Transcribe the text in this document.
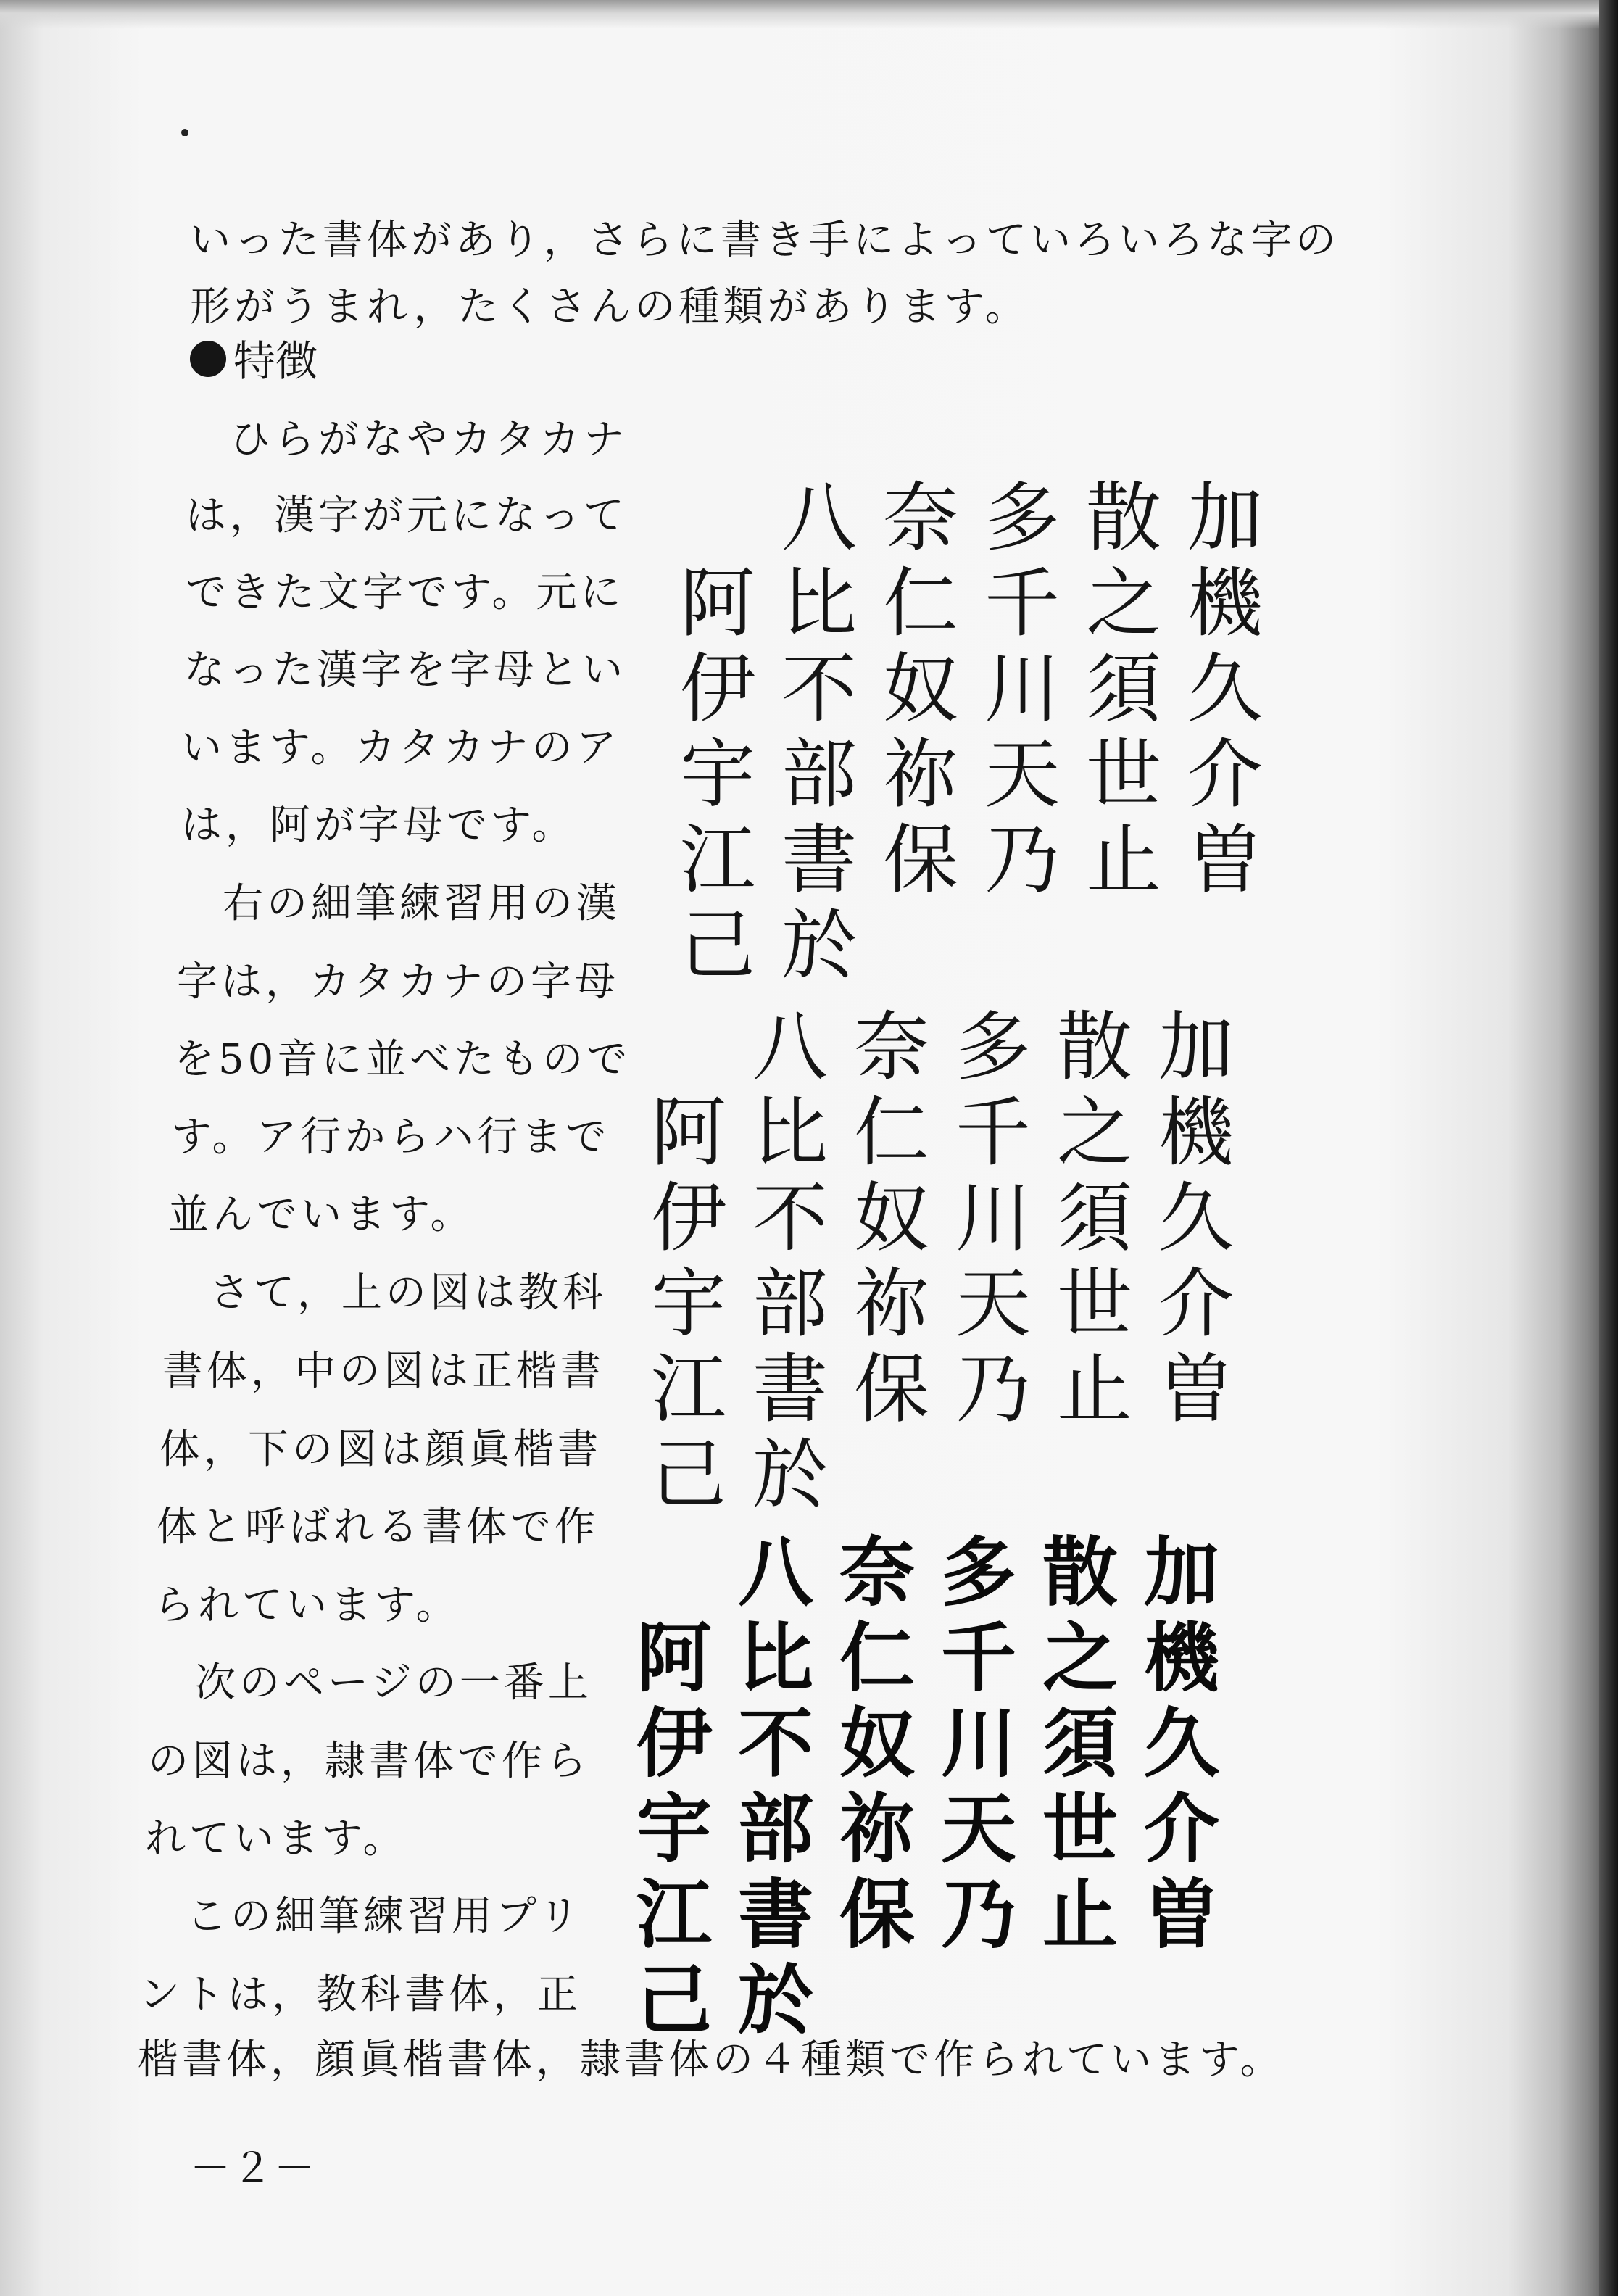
いった書体があり，さらに書き手によっていろいろな字の
形がうまれ，たくさんの種類があります。
特徴
　ひらがなやカタカナ
は，漢字が元になって
できた文字です。元に
なった漢字を字母とい
います。カタカナのア
は，阿が字母です。
　右の細筆練習用の漢
字は，カタカナの字母
を50音に並べたもので
す。ア行からハ行まで
並んでいます。
　さて，上の図は教科
書体，中の図は正楷書
体，下の図は顔眞楷書
体と呼ばれる書体で作
られています。
　次のページの一番上
の図は，隷書体で作ら
れています。
　この細筆練習用プリ
ントは，教科書体，正
楷書体，顔眞楷書体，隷書体の４種類で作られています。
八 奈 多 散 加
阿 比 仁 千 之 機
伊 不 奴 川 須 久
宇 部 祢 天 世 介
江 書 保 乃 止 曽
己 於
八 奈 多 散 加
阿 比 仁 千 之 機
伊 不 奴 川 須 久
宇 部 祢 天 世 介
江 書 保 乃 止 曽
己 於
八 奈 多 散 加
阿 比 仁 千 之 機
伊 不 奴 川 須 久
宇 部 祢 天 世 介
江 書 保 乃 止 曽
己 於
－２－
